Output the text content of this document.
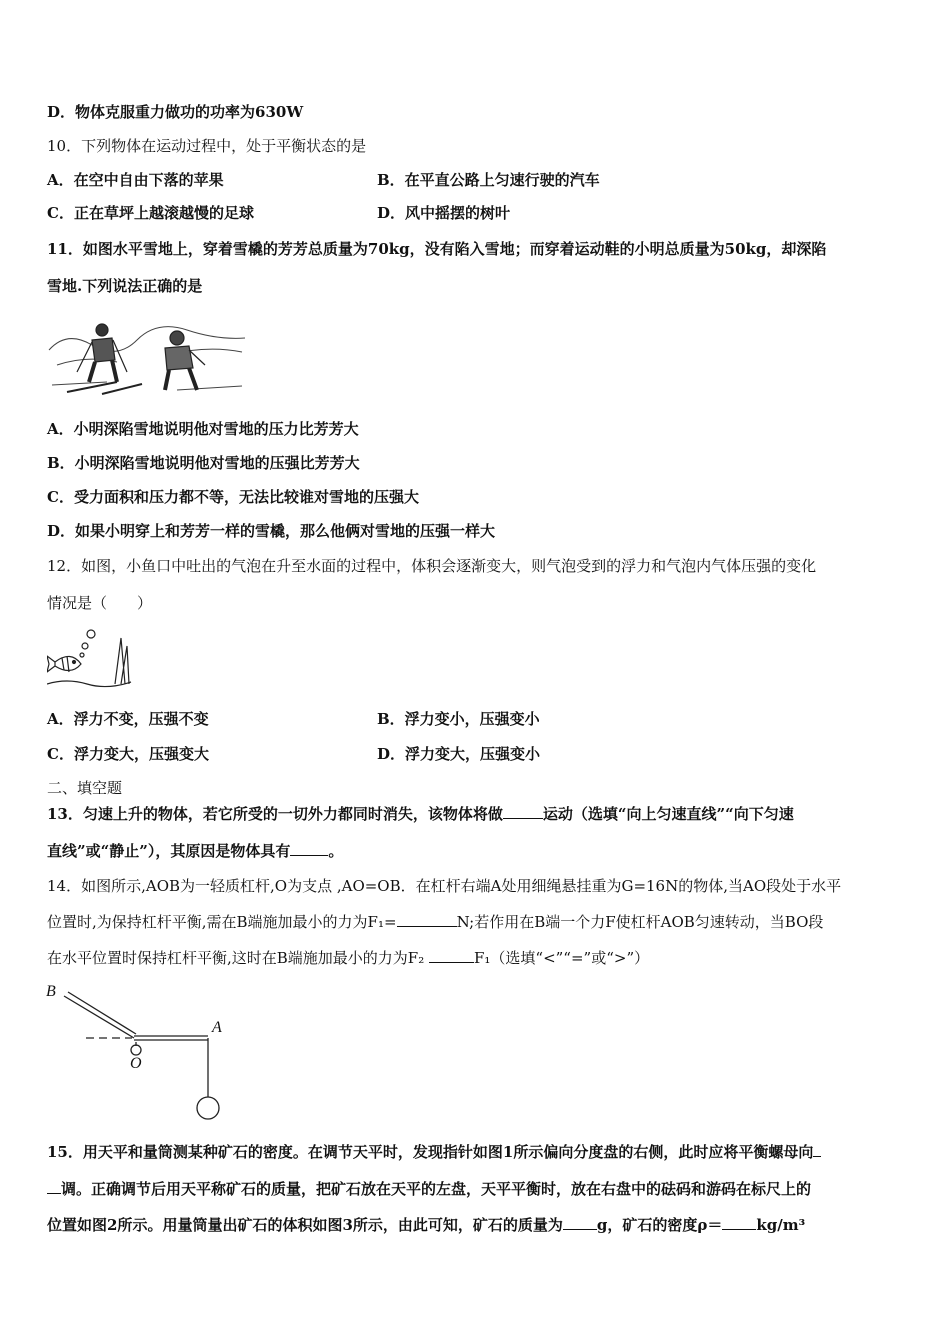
D．物体克服重力做功的功率为630W
10．下列物体在运动过程中，处于平衡状态的是
A．在空中自由下落的苹果	B．在平直公路上匀速行驶的汽车
C．正在草坪上越滚越慢的足球	D．风中摇摆的树叶
11．如图水平雪地上，穿着雪橇的芳芳总质量为70kg，没有陷入雪地；而穿着运动鞋的小明总质量为50kg，却深陷
雪地.下列说法正确的是
A．小明深陷雪地说明他对雪地的压力比芳芳大
B．小明深陷雪地说明他对雪地的压强比芳芳大
C．受力面积和压力都不等，无法比较谁对雪地的压强大
D．如果小明穿上和芳芳一样的雪橇，那么他俩对雪地的压强一样大
12．如图，小鱼口中吐出的气泡在升至水面的过程中，体积会逐渐变大，则气泡受到的浮力和气泡内气体压强的变化
情况是（　　）
A．浮力不变，压强不变	B．浮力变小，压强变小
C．浮力变大，压强变大	D．浮力变大，压强变小
二、填空题
13．匀速上升的物体，若它所受的一切外力都同时消失，该物体将做	运动（选填“向上匀速直线”“向下匀速
直线”或“静止”），其原因是物体具有	。
14．如图所示,AOB为一轻质杠杆,O为支点 ,AO=OB．在杠杆右端A处用细绳悬挂重为G=16N的物体,当AO段处于水平
位置时,为保持杠杆平衡,需在B端施加最小的力为F₁=	N;若作用在B端一个力F使杠杆AOB匀速转动，当BO段
在水平位置时保持杠杆平衡,这时在B端施加最小的力为F₂	F₁（选填“<”“=”或“>”）
B
A
O
15．用天平和量筒测某种矿石的密度。在调节天平时，发现指针如图1所示偏向分度盘的右侧，此时应将平衡螺母向
调。正确调节后用天平称矿石的质量，把矿石放在天平的左盘，天平平衡时，放在右盘中的砝码和游码在标尺上的
位置如图2所示。用量筒量出矿石的体积如图3所示，由此可知，矿石的质量为 g，矿石的密度ρ＝ kg/m³
